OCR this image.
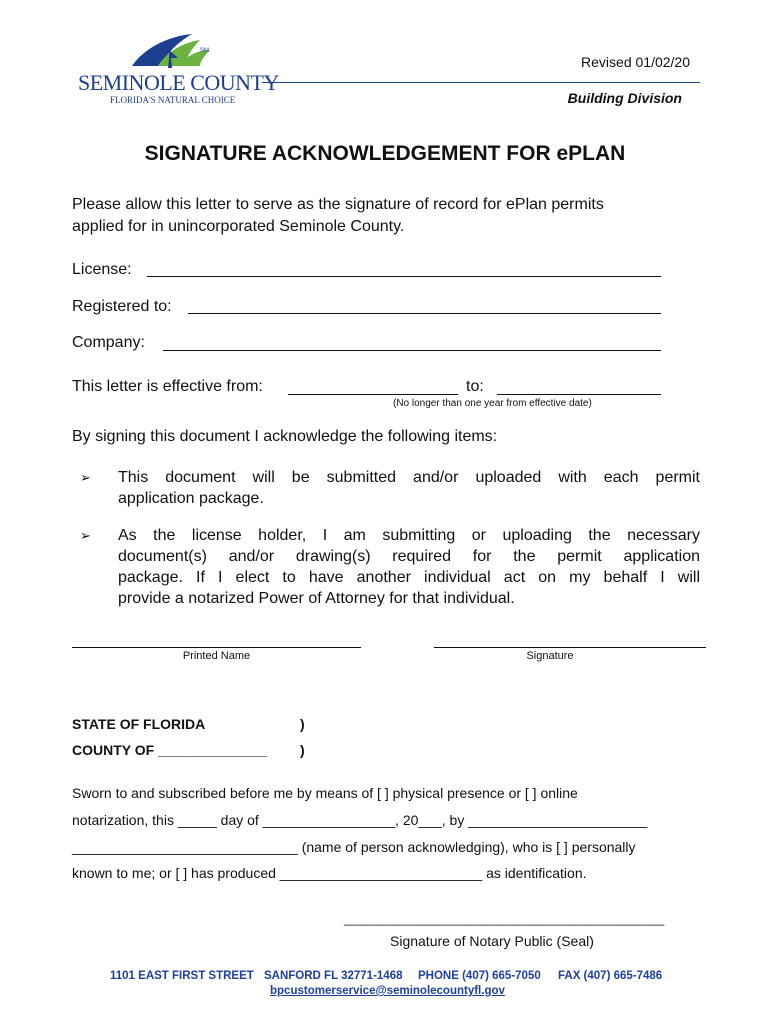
SM
SEMINOLE COUNTY
FLORIDA'S NATURAL CHOICE
Revised 01/02/20
Building Division
SIGNATURE ACKNOWLEDGEMENT FOR ePLAN
Please allow this letter to serve as the signature of record for ePlan permits
applied for in unincorporated Seminole County.
License:
Registered to:
Company:
This letter is effective from:	to:
(No longer than one year from effective date)
By signing this document I acknowledge the following items:
➢ This document will be submitted and/or uploaded with each permit
application package.
➢ As the license holder, I am submitting or uploading the necessary
document(s) and/or drawing(s) required for the permit application
package. If I elect to have another individual act on my behalf I will
provide a notarized Power of Attorney for that individual.
Printed Name	Signature
STATE OF FLORIDA	)
COUNTY OF ______________ )
Sworn to and subscribed before me by means of [ ] physical presence or [ ] online
notarization, this _____ day of _________________, 20___, by _______________________
_____________________________ (name of person acknowledging), who is [ ] personally
known to me; or [ ] has produced __________________________ as identification.
________________________________________________
Signature of Notary Public (Seal)
1101 EAST FIRST STREET SANFORD FL 32771-1468 PHONE (407) 665-7050 FAX (407) 665-7486
bpcustomerservice@seminolecountyfl.gov
